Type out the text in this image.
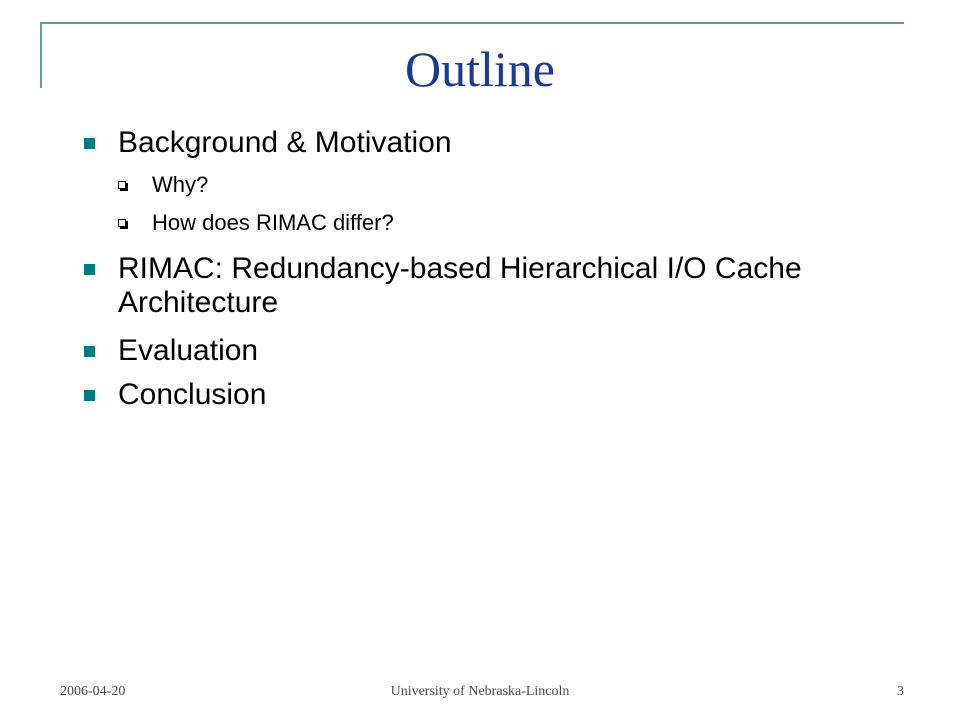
Outline
Background & Motivation
Why?
How does RIMAC differ?
RIMAC: Redundancy-based Hierarchical I/O Cache Architecture
Evaluation
Conclusion
2006-04-20	University of Nebraska-Lincoln	3
